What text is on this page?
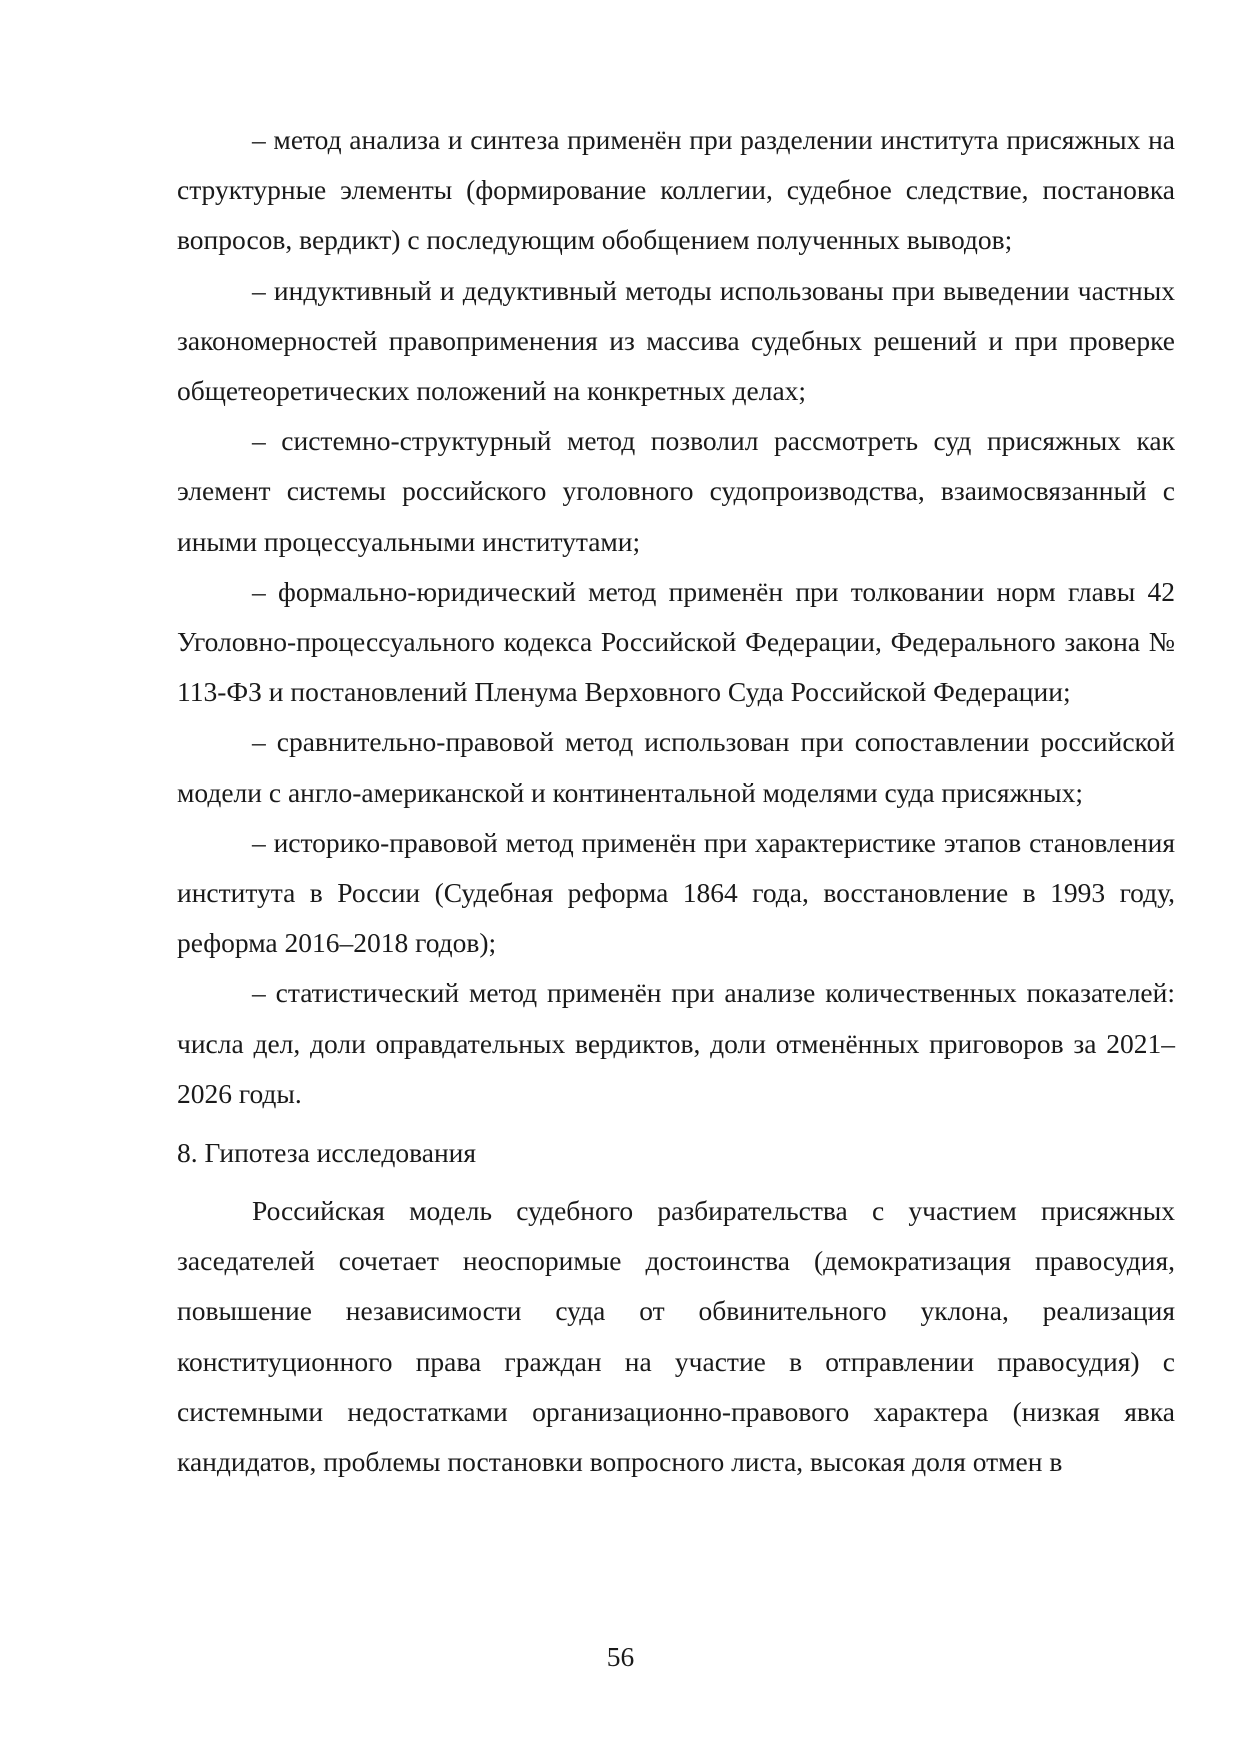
– метод анализа и синтеза применён при разделении института присяжных на структурные элементы (формирование коллегии, судебное следствие, постановка вопросов, вердикт) с последующим обобщением полученных выводов;

– индуктивный и дедуктивный методы использованы при выведении частных закономерностей правоприменения из массива судебных решений и при проверке общетеоретических положений на конкретных делах;

– системно-структурный метод позволил рассмотреть суд присяжных как элемент системы российского уголовного судопроизводства, взаимосвязанный с иными процессуальными институтами;

– формально-юридический метод применён при толковании норм главы 42 Уголовно-процессуального кодекса Российской Федерации, Федерального закона № 113-ФЗ и постановлений Пленума Верховного Суда Российской Федерации;

– сравнительно-правовой метод использован при сопоставлении российской модели с англо-американской и континентальной моделями суда присяжных;

– историко-правовой метод применён при характеристике этапов становления института в России (Судебная реформа 1864 года, восстановление в 1993 году, реформа 2016–2018 годов);

– статистический метод применён при анализе количественных показателей: числа дел, доли оправдательных вердиктов, доли отменённых приговоров за 2021–2026 годы.

8. Гипотеза исследования

Российская модель судебного разбирательства с участием присяжных заседателей сочетает неоспоримые достоинства (демократизация правосудия, повышение независимости суда от обвинительного уклона, реализация конституционного права граждан на участие в отправлении правосудия) с системными недостатками организационно-правового характера (низкая явка кандидатов, проблемы постановки вопросного листа, высокая доля отмен в

56
